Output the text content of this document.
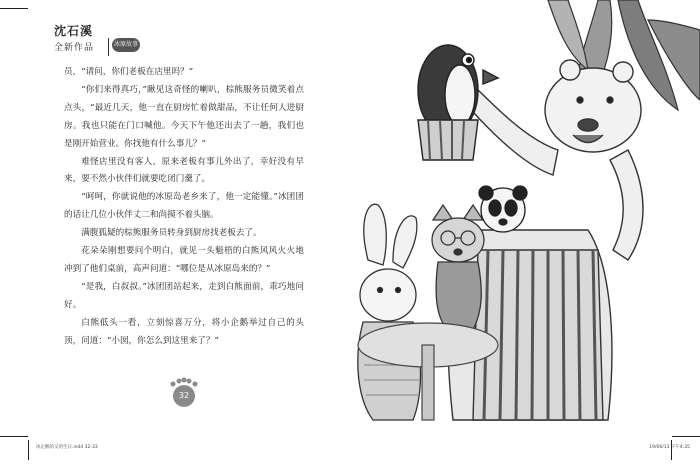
沈石溪
全新作品	冰原故事

员，“请问，你们老板在店里吗？”

“你们来得真巧，”瞅见这奇怪的喇叭，棕熊服务员微笑着点点头，“最近几天，他一直在厨房忙着做甜品，不让任何人进厨房。我也只能在门口喊他。今天下午他还出去了一趟，我们也是刚开始营业。你找他有什么事儿？”

难怪店里没有客人，原来老板有事儿外出了，幸好没有早来，要不然小伙伴们就要吃闭门羹了。

“呵呵，你就说他的冰原岛老乡来了，他一定能懂。”冰团团的话让几位小伙伴丈二和尚摸不着头脑。

满腹狐疑的棕熊服务员转身到厨房找老板去了。

花朵朵刚想要问个明白，就见一头魁梧的白熊风风火火地冲到了他们桌前，高声问道：“哪位是从冰原岛来的？”

“是我，白叔叔。”冰团团站起来，走到白熊面前，乖巧地问好。

白熊低头一看，立刻惊喜万分，将小企鹅举过自己的头顶，问道：“小囡，你怎么到这里来了？”

32
冰企鹅的又的生日.indd 32-33	19/06/13 下午4:35
